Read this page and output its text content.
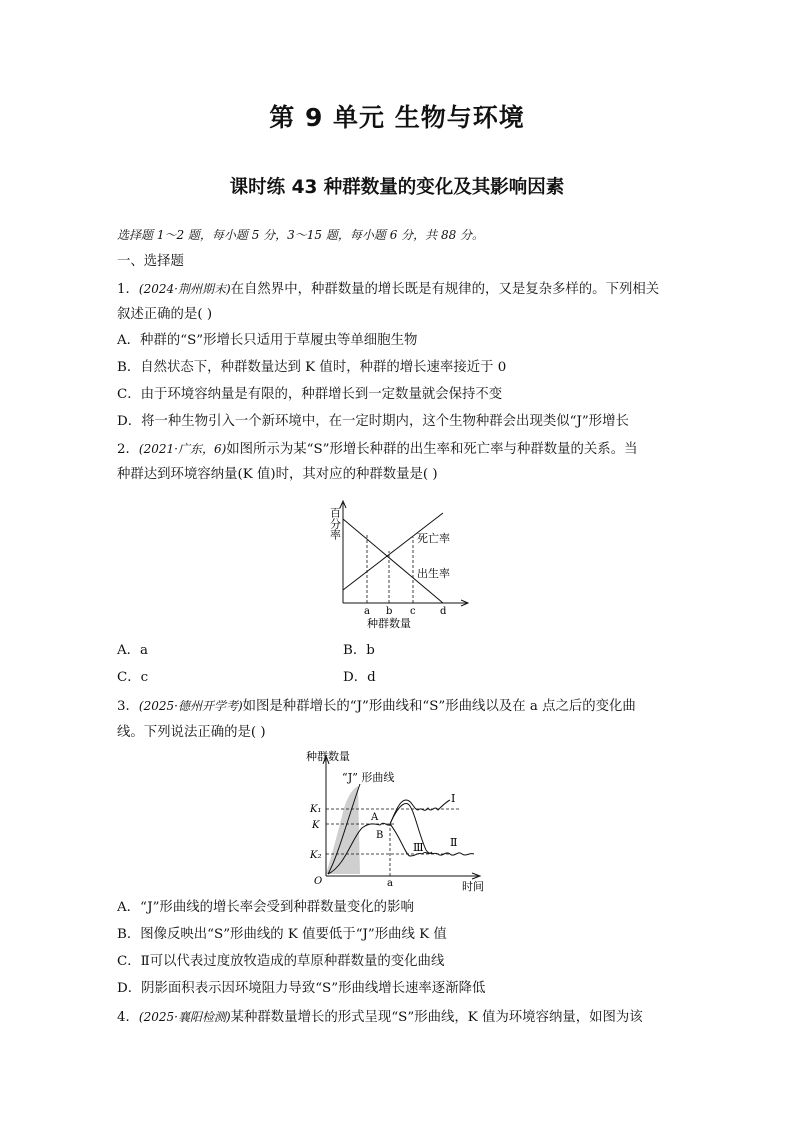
第 9 单元 生物与环境
课时练 43 种群数量的变化及其影响因素
选择题 1～2 题，每小题 5 分，3～15 题，每小题 6 分，共 88 分。
一、选择题
1．(2024·荆州期末)在自然界中，种群数量的增长既是有规律的，又是复杂多样的。下列相关
叙述正确的是( )
A．种群的“S”形增长只适用于草履虫等单细胞生物
B．自然状态下，种群数量达到 K 值时，种群的增长速率接近于 0
C．由于环境容纳量是有限的，种群增长到一定数量就会保持不变
D．将一种生物引入一个新环境中，在一定时期内，这个生物种群会出现类似“J”形增长
2．(2021·广东，6)如图所示为某“S”形增长种群的出生率和死亡率与种群数量的关系。当
种群达到环境容纳量(K 值)时，其对应的种群数量是( )
百分率	死亡率
出生率
a b c d
种群数量
A．a	B．b
C．c	D．d
3．(2025·德州开学考)如图是种群增长的“J”形曲线和“S”形曲线以及在 a 点之后的变化曲
线。下列说法正确的是( )
种群数量
“J” 形曲线
K₁
K
K₂
O	a
A
B
Ⅰ
Ⅱ
Ⅲ
时间
A．“J”形曲线的增长率会受到种群数量变化的影响
B．图像反映出“S”形曲线的 K 值要低于“J”形曲线 K 值
C．Ⅱ可以代表过度放牧造成的草原种群数量的变化曲线
D．阴影面积表示因环境阻力导致“S”形曲线增长速率逐渐降低
4．(2025·襄阳检测)某种群数量增长的形式呈现“S”形曲线，K 值为环境容纳量，如图为该
